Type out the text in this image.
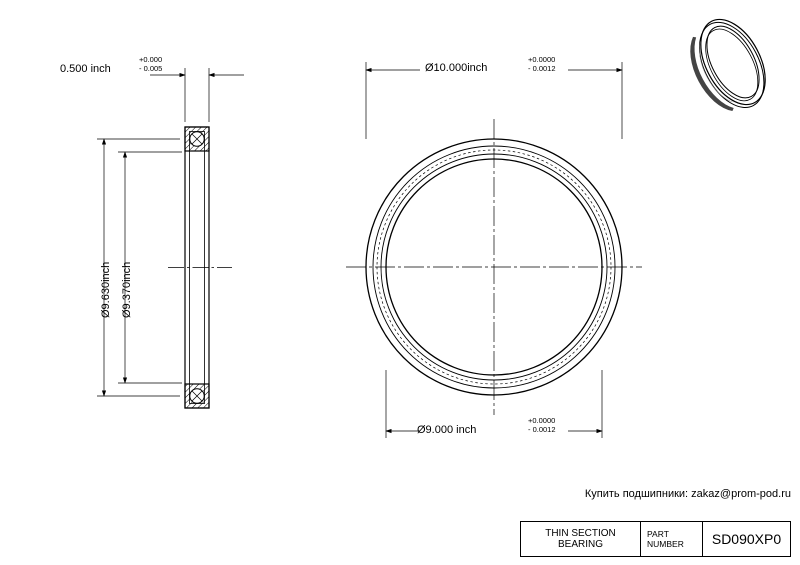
0.500 inch
+0.000
- 0.005
Ø9.630inch Ø9.370inch
Ø10.000inch
+0.0000
- 0.0012
Ø9.000 inch
+0.0000
- 0.0012
Купить подшипники: zakaz@prom-pod.ru
THIN SECTION
BEARING
PART
NUMBER	SD090XP0
